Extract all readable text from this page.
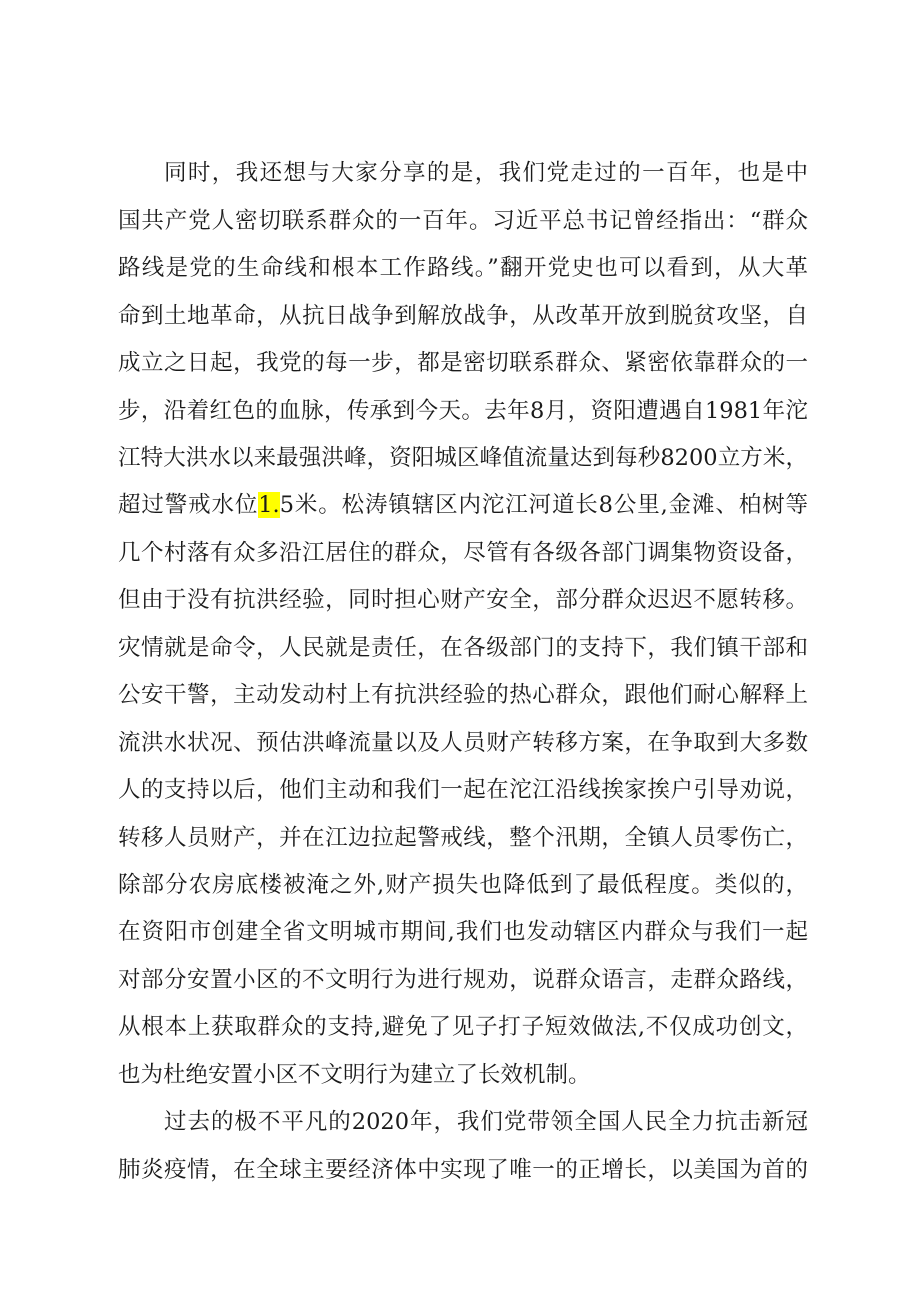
同时，我还想与大家分享的是，我们党走过的一百年，也是中
国共产党人密切联系群众的一百年。习近平总书记曾经指出：“群众
路线是党的生命线和根本工作路线。”翻开党史也可以看到，从大革
命到土地革命，从抗日战争到解放战争，从改革开放到脱贫攻坚，自
成立之日起，我党的每一步，都是密切联系群众、紧密依靠群众的一
步，沿着红色的血脉，传承到今天。去年8月，资阳遭遇自1981年沱
江特大洪水以来最强洪峰，资阳城区峰值流量达到每秒8200立方米，
超过警戒水位1.5米。松涛镇辖区内沱江河道长8公里,金滩、柏树等
几个村落有众多沿江居住的群众，尽管有各级各部门调集物资设备，
但由于没有抗洪经验，同时担心财产安全，部分群众迟迟不愿转移。
灾情就是命令，人民就是责任，在各级部门的支持下，我们镇干部和
公安干警，主动发动村上有抗洪经验的热心群众，跟他们耐心解释上
流洪水状况、预估洪峰流量以及人员财产转移方案，在争取到大多数
人的支持以后，他们主动和我们一起在沱江沿线挨家挨户引导劝说，
转移人员财产，并在江边拉起警戒线，整个汛期，全镇人员零伤亡，
除部分农房底楼被淹之外,财产损失也降低到了最低程度。类似的，
在资阳市创建全省文明城市期间,我们也发动辖区内群众与我们一起
对部分安置小区的不文明行为进行规劝，说群众语言，走群众路线，
从根本上获取群众的支持,避免了见子打子短效做法,不仅成功创文，
也为杜绝安置小区不文明行为建立了长效机制。
过去的极不平凡的2020年，我们党带领全国人民全力抗击新冠
肺炎疫情，在全球主要经济体中实现了唯一的正增长，以美国为首的
